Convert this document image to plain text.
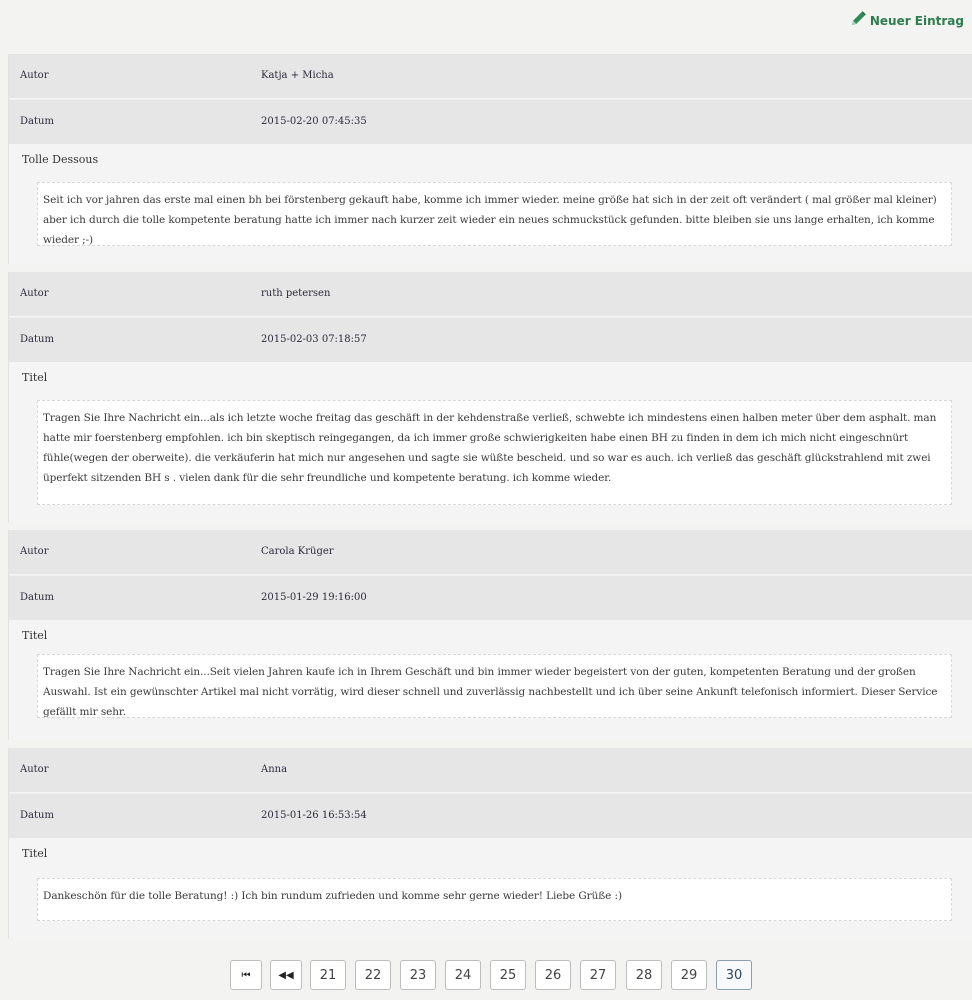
Neuer Eintrag
Autor	Katja + Micha
Datum	2015-02-20 07:45:35
Tolle Dessous
Seit ich vor jahren das erste mal einen bh bei förstenberg gekauft habe, komme ich immer wieder. meine größe hat sich in der zeit oft verändert ( mal größer mal kleiner) aber ich durch die tolle kompetente beratung hatte ich immer nach kurzer zeit wieder ein neues schmuckstück gefunden. bitte bleiben sie uns lange erhalten, ich komme wieder ;-)
Autor	ruth petersen
Datum	2015-02-03 07:18:57
Titel
Tragen Sie Ihre Nachricht ein...als ich letzte woche freitag das geschäft in der kehdenstraße verließ, schwebte ich mindestens einen halben meter über dem asphalt. man hatte mir foerstenberg empfohlen. ich bin skeptisch reingegangen, da ich immer große schwierigkeiten habe einen BH zu finden in dem ich mich nicht eingeschnürt fühle(wegen der oberweite). die verkäuferin hat mich nur angesehen und sagte sie wüßte bescheid. und so war es auch. ich verließ das geschäft glückstrahlend mit zwei üperfekt sitzenden BH s . vielen dank für die sehr freundliche und kompetente beratung. ich komme wieder.
Autor	Carola Krüger
Datum	2015-01-29 19:16:00
Titel
Tragen Sie Ihre Nachricht ein...Seit vielen Jahren kaufe ich in Ihrem Geschäft und bin immer wieder begeistert von der guten, kompetenten Beratung und der großen Auswahl. Ist ein gewünschter Artikel mal nicht vorrätig, wird dieser schnell und zuverlässig nachbestellt und ich über seine Ankunft telefonisch informiert. Dieser Service gefällt mir sehr.
Autor	Anna
Datum	2015-01-26 16:53:54
Titel
Dankeschön für die tolle Beratung! :) Ich bin rundum zufrieden und komme sehr gerne wieder! Liebe Grüße :)
⏮	◀◀	21	22	23	24	25	26	27	28	29	30
